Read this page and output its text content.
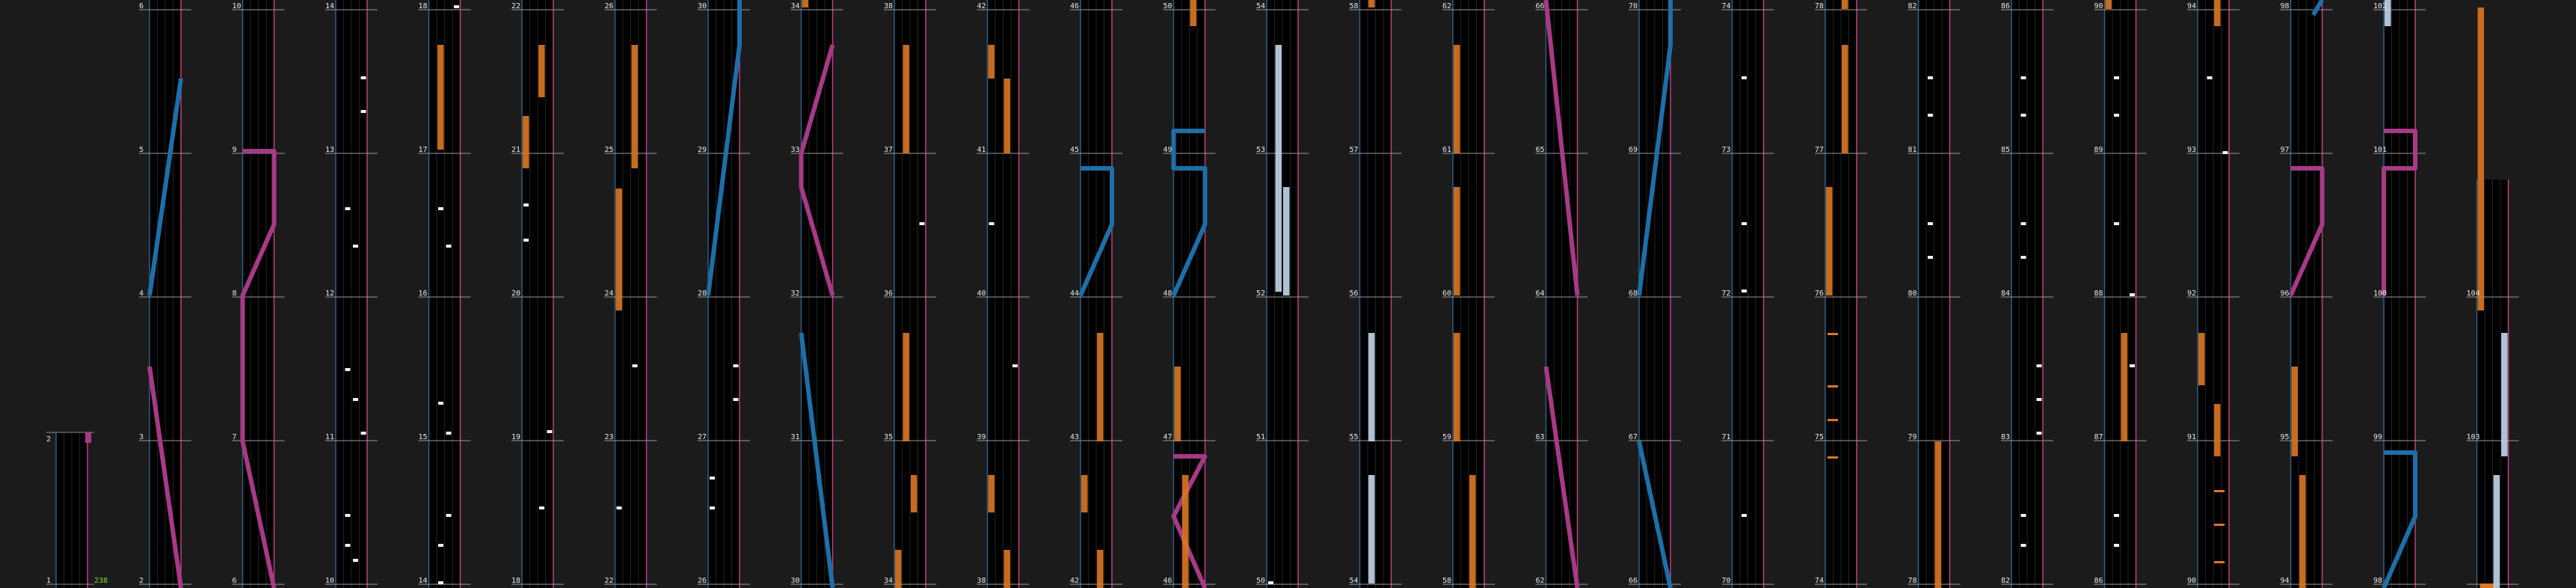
1
2
238	2
3
4
5
6
6
7
8
9
10
10
11
12
13
14
14
15
16
17
18
18
19
20
21
22
22
23
24
25
26
26
27
28
29
30
30
31
32
33
34
34
35
36
37
38
38
39
40
41
42
42
43
44
45
46
46
47
48
49
50
50
51
52
53
54
54
55
56
57
58
58
59
60
61
62
62
63
64
65
66
66
67
68
69
70
70
71
72
73
74
74
75
76
77
78
78
79
80
81
82
82
83
84
85
86
86
87
88
89
90
90
91
92
93
94
94
95
96
97
98
98
99
100
101
102
104
103
